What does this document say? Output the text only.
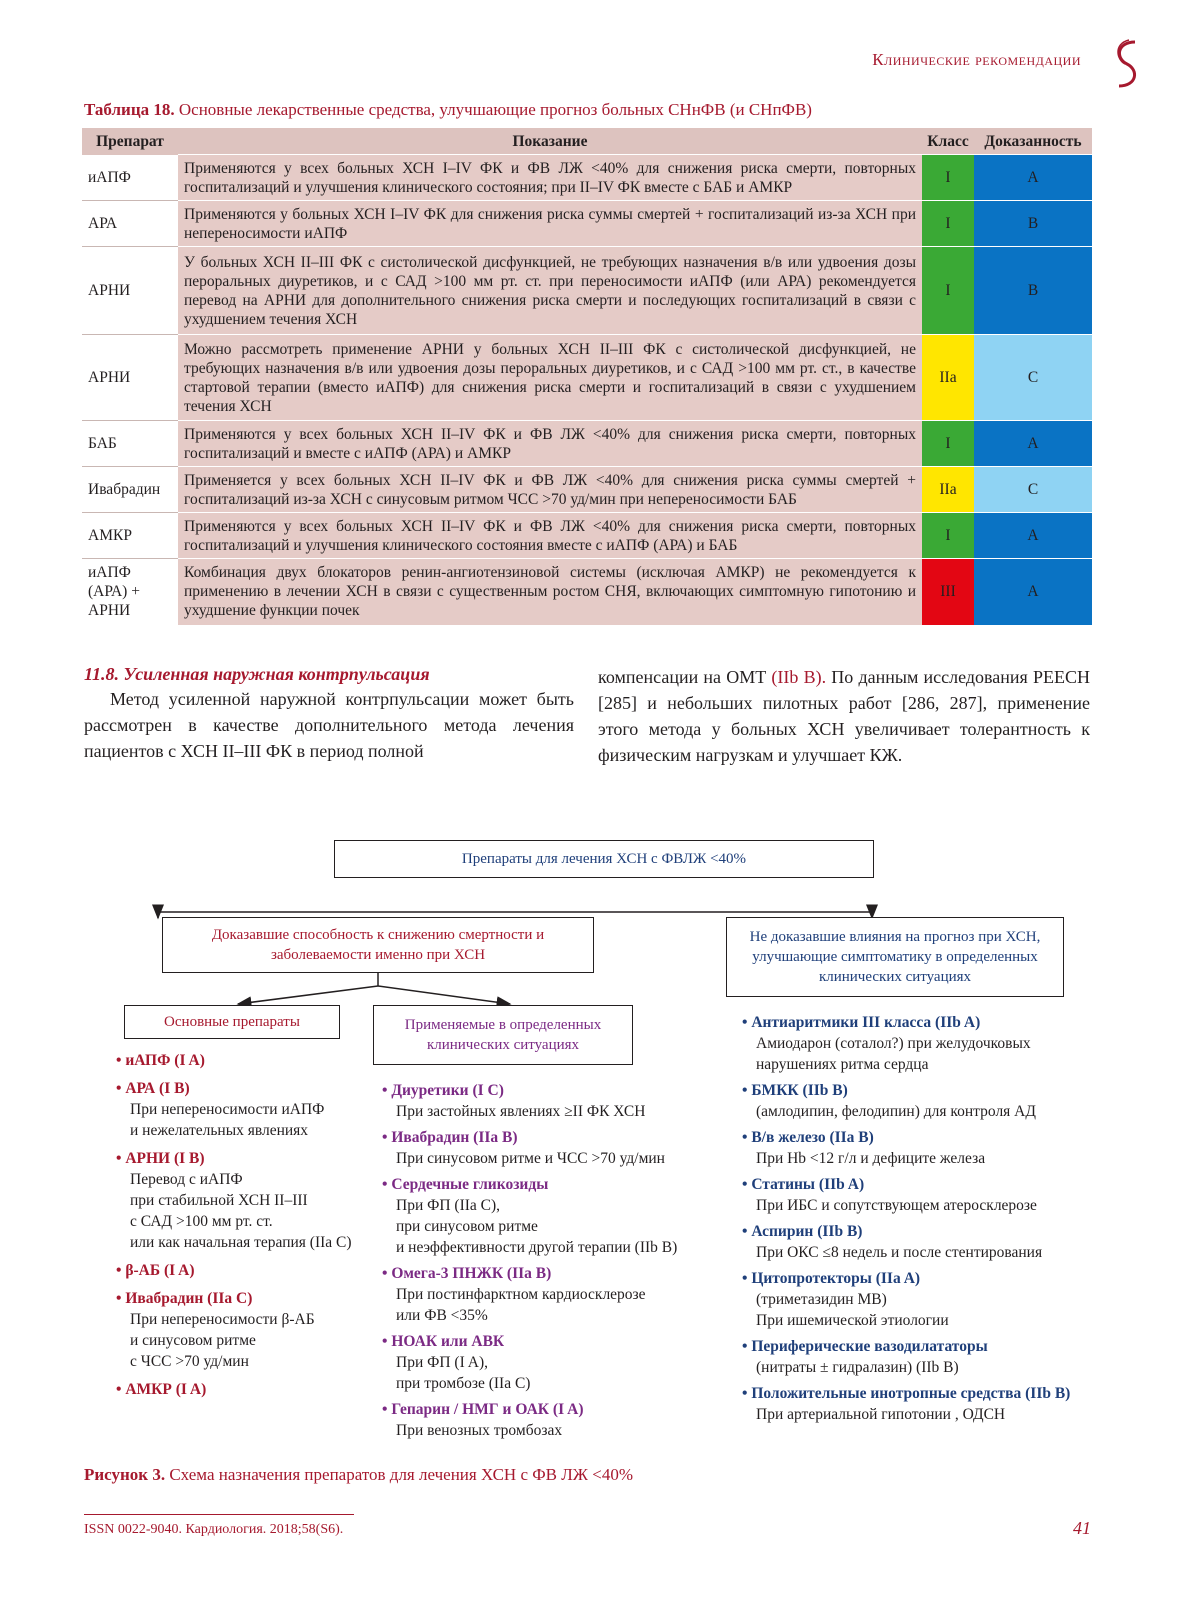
Клинические рекомендации
Таблица 18. Основные лекарственные средства, улучшающие прогноз больных СНнФВ (и СНпФВ)
Препарат	Показание	Класс	Доказанность
иАПФ	Применяются у всех больных ХСН I–IV ФК и ФВ ЛЖ <40% для снижения риска смерти, повторных госпитализаций и улучшения клинического состояния; при II–IV ФК вместе с БАБ и АМКР	I	A
АРА	Применяются у больных ХСН I–IV ФК для снижения риска суммы смертей + госпитализаций из-за ХСН при непереносимости иАПФ	I	B
АРНИ	У больных ХСН II–III ФК с систолической дисфункцией, не требующих назначения в/в или удвоения дозы пероральных диуретиков, и с САД >100 мм рт. ст. при переносимости иАПФ (или АРА) рекомендуется перевод на АРНИ для дополнительного снижения риска смерти и последующих госпитализаций в связи с ухудшением течения ХСН	I	B
АРНИ	Можно рассмотреть применение АРНИ у больных ХСН II–III ФК с систолической дисфункцией, не требующих назначения в/в или удвоения дозы пероральных диуретиков, и с САД >100 мм рт. ст., в качестве стартовой терапии (вместо иАПФ) для снижения риска смерти и госпитализаций в связи с ухудшением течения ХСН	IIa	C
БАБ	Применяются у всех больных ХСН II–IV ФК и ФВ ЛЖ <40% для снижения риска смерти, повторных госпитализаций и вместе с иАПФ (АРА) и АМКР	I	A
Ивабрадин	Применяется у всех больных ХСН II–IV ФК и ФВ ЛЖ <40% для снижения риска суммы смертей + госпитализаций из-за ХСН с синусовым ритмом ЧСС >70 уд/мин при непереносимости БАБ	IIa	C
АМКР	Применяются у всех больных ХСН II–IV ФК и ФВ ЛЖ <40% для снижения риска смерти, повторных госпитализаций и улучшения клинического состояния вместе с иАПФ (АРА) и БАБ	I	A
иАПФ (АРА) + АРНИ	Комбинация двух блокаторов ренин-ангиотензиновой системы (исключая АМКР) не рекомендуется к применению в лечении ХСН в связи с существенным ростом СНЯ, включающих симптомную гипотонию и ухудшение функции почек	III	A
11.8. Усиленная наружная контрпульсация
Метод усиленной наружной контрпульсации может быть рассмотрен в качестве дополнительного метода лечения пациентов с ХСН II–III ФК в период полной
компенсации на ОМТ (IIb B). По данным исследования PEECH [285] и небольших пилотных работ [286, 287], применение этого метода у больных ХСН увеличивает толерантность к физическим нагрузкам и улучшает КЖ.
Препараты для лечения ХСН с ФВЛЖ <40%
Доказавшие способность к снижению смертности и заболеваемости именно при ХСН
Не доказавшие влияния на прогноз при ХСН, улучшающие симптоматику в определенных клинических ситуациях
Основные препараты	Применяемые в определенных клинических ситуациях
• иАПФ (I A)
• АРА (I B)
При непереносимости иАПФ
и нежелательных явлениях
• АРНИ (I B)
Перевод с иАПФ
при стабильной ХСН II–III
с САД >100 мм рт. ст.
или как начальная терапия (IIa C)
• β-АБ (I A)
• Ивабрадин (IIa C)
При непереносимости β-АБ
и синусовом ритме
с ЧСС >70 уд/мин
• АМКР (I A)
• Диуретики (I C)
При застойных явлениях ≥II ФК ХСН
• Ивабрадин (IIa B)
При синусовом ритме и ЧСС >70 уд/мин
• Сердечные гликозиды
При ФП (IIa C),
при синусовом ритме
и неэффективности другой терапии (IIb B)
• Омега-3 ПНЖК (IIa B)
При постинфарктном кардиосклерозе
или ФВ <35%
• НОАК или АВК
При ФП (I A),
при тромбозе (IIa C)
• Гепарин / НМГ и ОАК (I A)
При венозных тромбозах
• Антиаритмики III класса (IIb A)
Амиодарон (соталол?) при желудочковых
нарушениях ритма сердца
• БМКК (IIb B)
(амлодипин, фелодипин) для контроля АД
• В/в железо (IIa B)
При Hb <12 г/л и дефиците железа
• Статины (IIb A)
При ИБС и сопутствующем атеросклерозе
• Аспирин (IIb B)
При ОКС ≤8 недель и после стентирования
• Цитопротекторы (IIa A)
(триметазидин МВ)
При ишемической этиологии
• Периферические вазодилататоры
(нитраты ± гидралазин) (IIb B)
• Положительные инотропные средства (IIb B)
При артериальной гипотонии , ОДСН
Рисунок 3. Схема назначения препаратов для лечения ХСН с ФВ ЛЖ <40%
ISSN 0022-9040. Кардиология. 2018;58(S6).	41
